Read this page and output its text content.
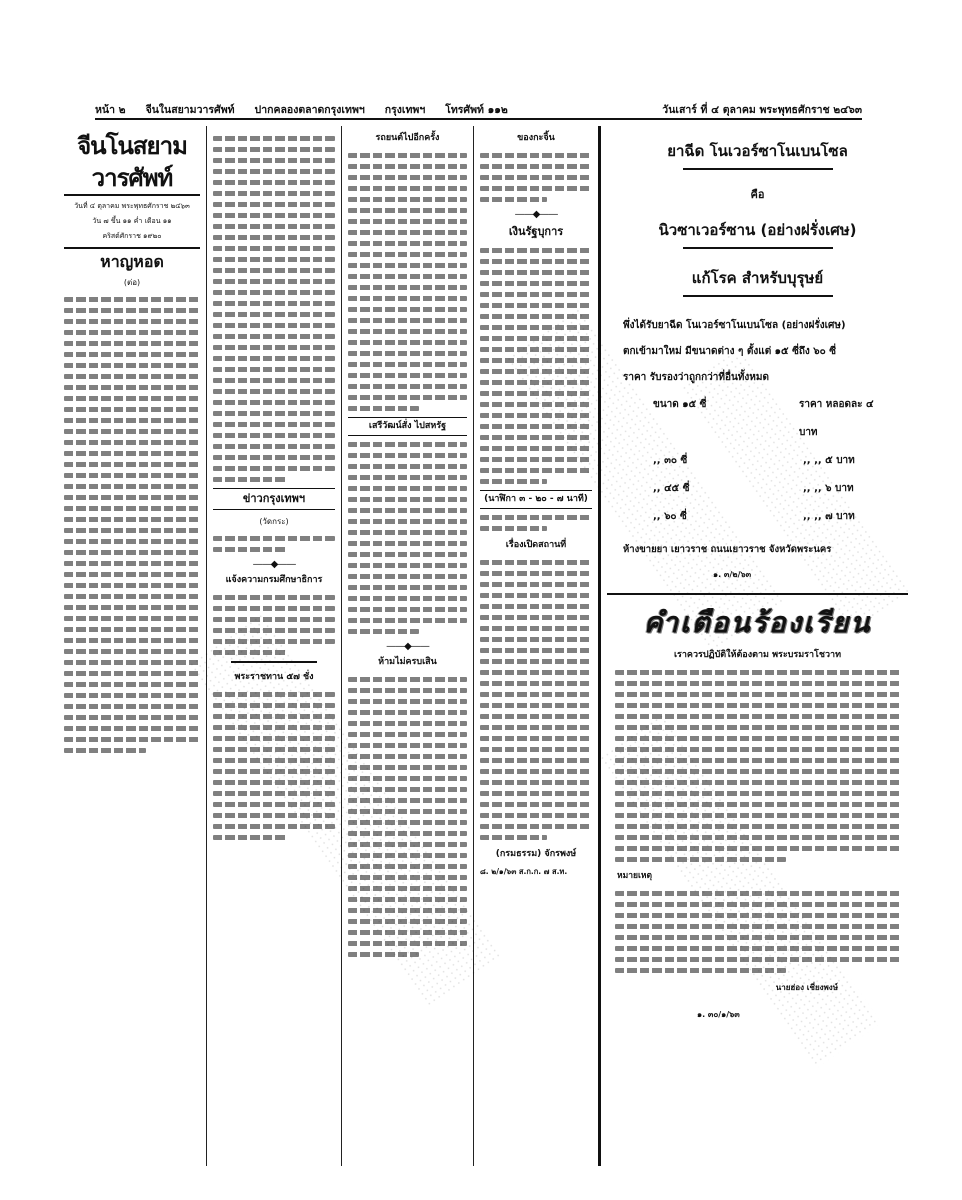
หน้า ๒ จีนในสยามวารศัพท์ ปากคลองตลาดกรุงเทพฯ กรุงเทพฯ โทรศัพท์ ๑๑๒	วันเสาร์ ที่ ๔ ตุลาคม พระพุทธศักราช ๒๔๖๓
จีนโนสยามวารศัพท์
วันที่ ๔ ตุลาคม พระพุทธศักราช ๒๔๖๓
วัน ๗ ขึ้น ๑๑ ค่ำ เดือน ๑๑
คริสต์ศักราช ๑๙๒๐
หาญหอด
(ต่อ)
ข่าวกรุงเทพฯ
(วัดกระ)
——◆——
แจ้งความกรมศึกษาธิการ
พระราชทาน ๕๗ ชั่ง
รถยนต์ไปอีกครั้ง
เสรีวัฒน์สั่ง ไปสหรัฐ
——◆——
ห้ามไม่ครบเสิน
ของกะจิ้น
——◆——
เงินรัฐบุการ
(นาฬิกา ๓ - ๒๐ - ๗ นาที)
เรื่องเปิดสถานที่
(กรมธรรม) จักรพงษ์
๘. ๒/๑/๖๓ ส.ก.ก. ๗ ส.ท.
ยาฉีด โนเวอร์ซาโนเบนโซล
คือ
นิวซาเวอร์ซาน (อย่างฝรั่งเศษ)
แก้โรค สำหรับบุรุษย์
พึ่งได้รับยาฉีด โนเวอร์ซาโนเบนโซล (อย่างฝรั่งเศษ)
ตกเข้ามาใหม่ มีขนาดต่าง ๆ ตั้งแต่ ๑๕ ซี่ถึง ๖๐ ซี่
ราคา รับรองว่าถูกกว่าที่อื่นทั้งหมด
ขนาด ๑๕ ซี่	ราคา หลอดละ ๔ บาท
,, ๓๐ ซี่	,, ,, ๕ บาท
,, ๔๕ ซี่	,, ,, ๖ บาท
,, ๖๐ ซี่	,, ,, ๗ บาท
ห้างขายยา เยาวราช ถนนเยาวราช จังหวัดพระนคร
๑. ๓/๒/๖๓
คำเตือนร้องเรียน
เราควรปฏิบัติให้ต้องตาม พระบรมราโชวาท
หมายเหตุ
นายฮ่อง เชี่ยงพงษ์
๑. ๓๐/๑/๖๓
